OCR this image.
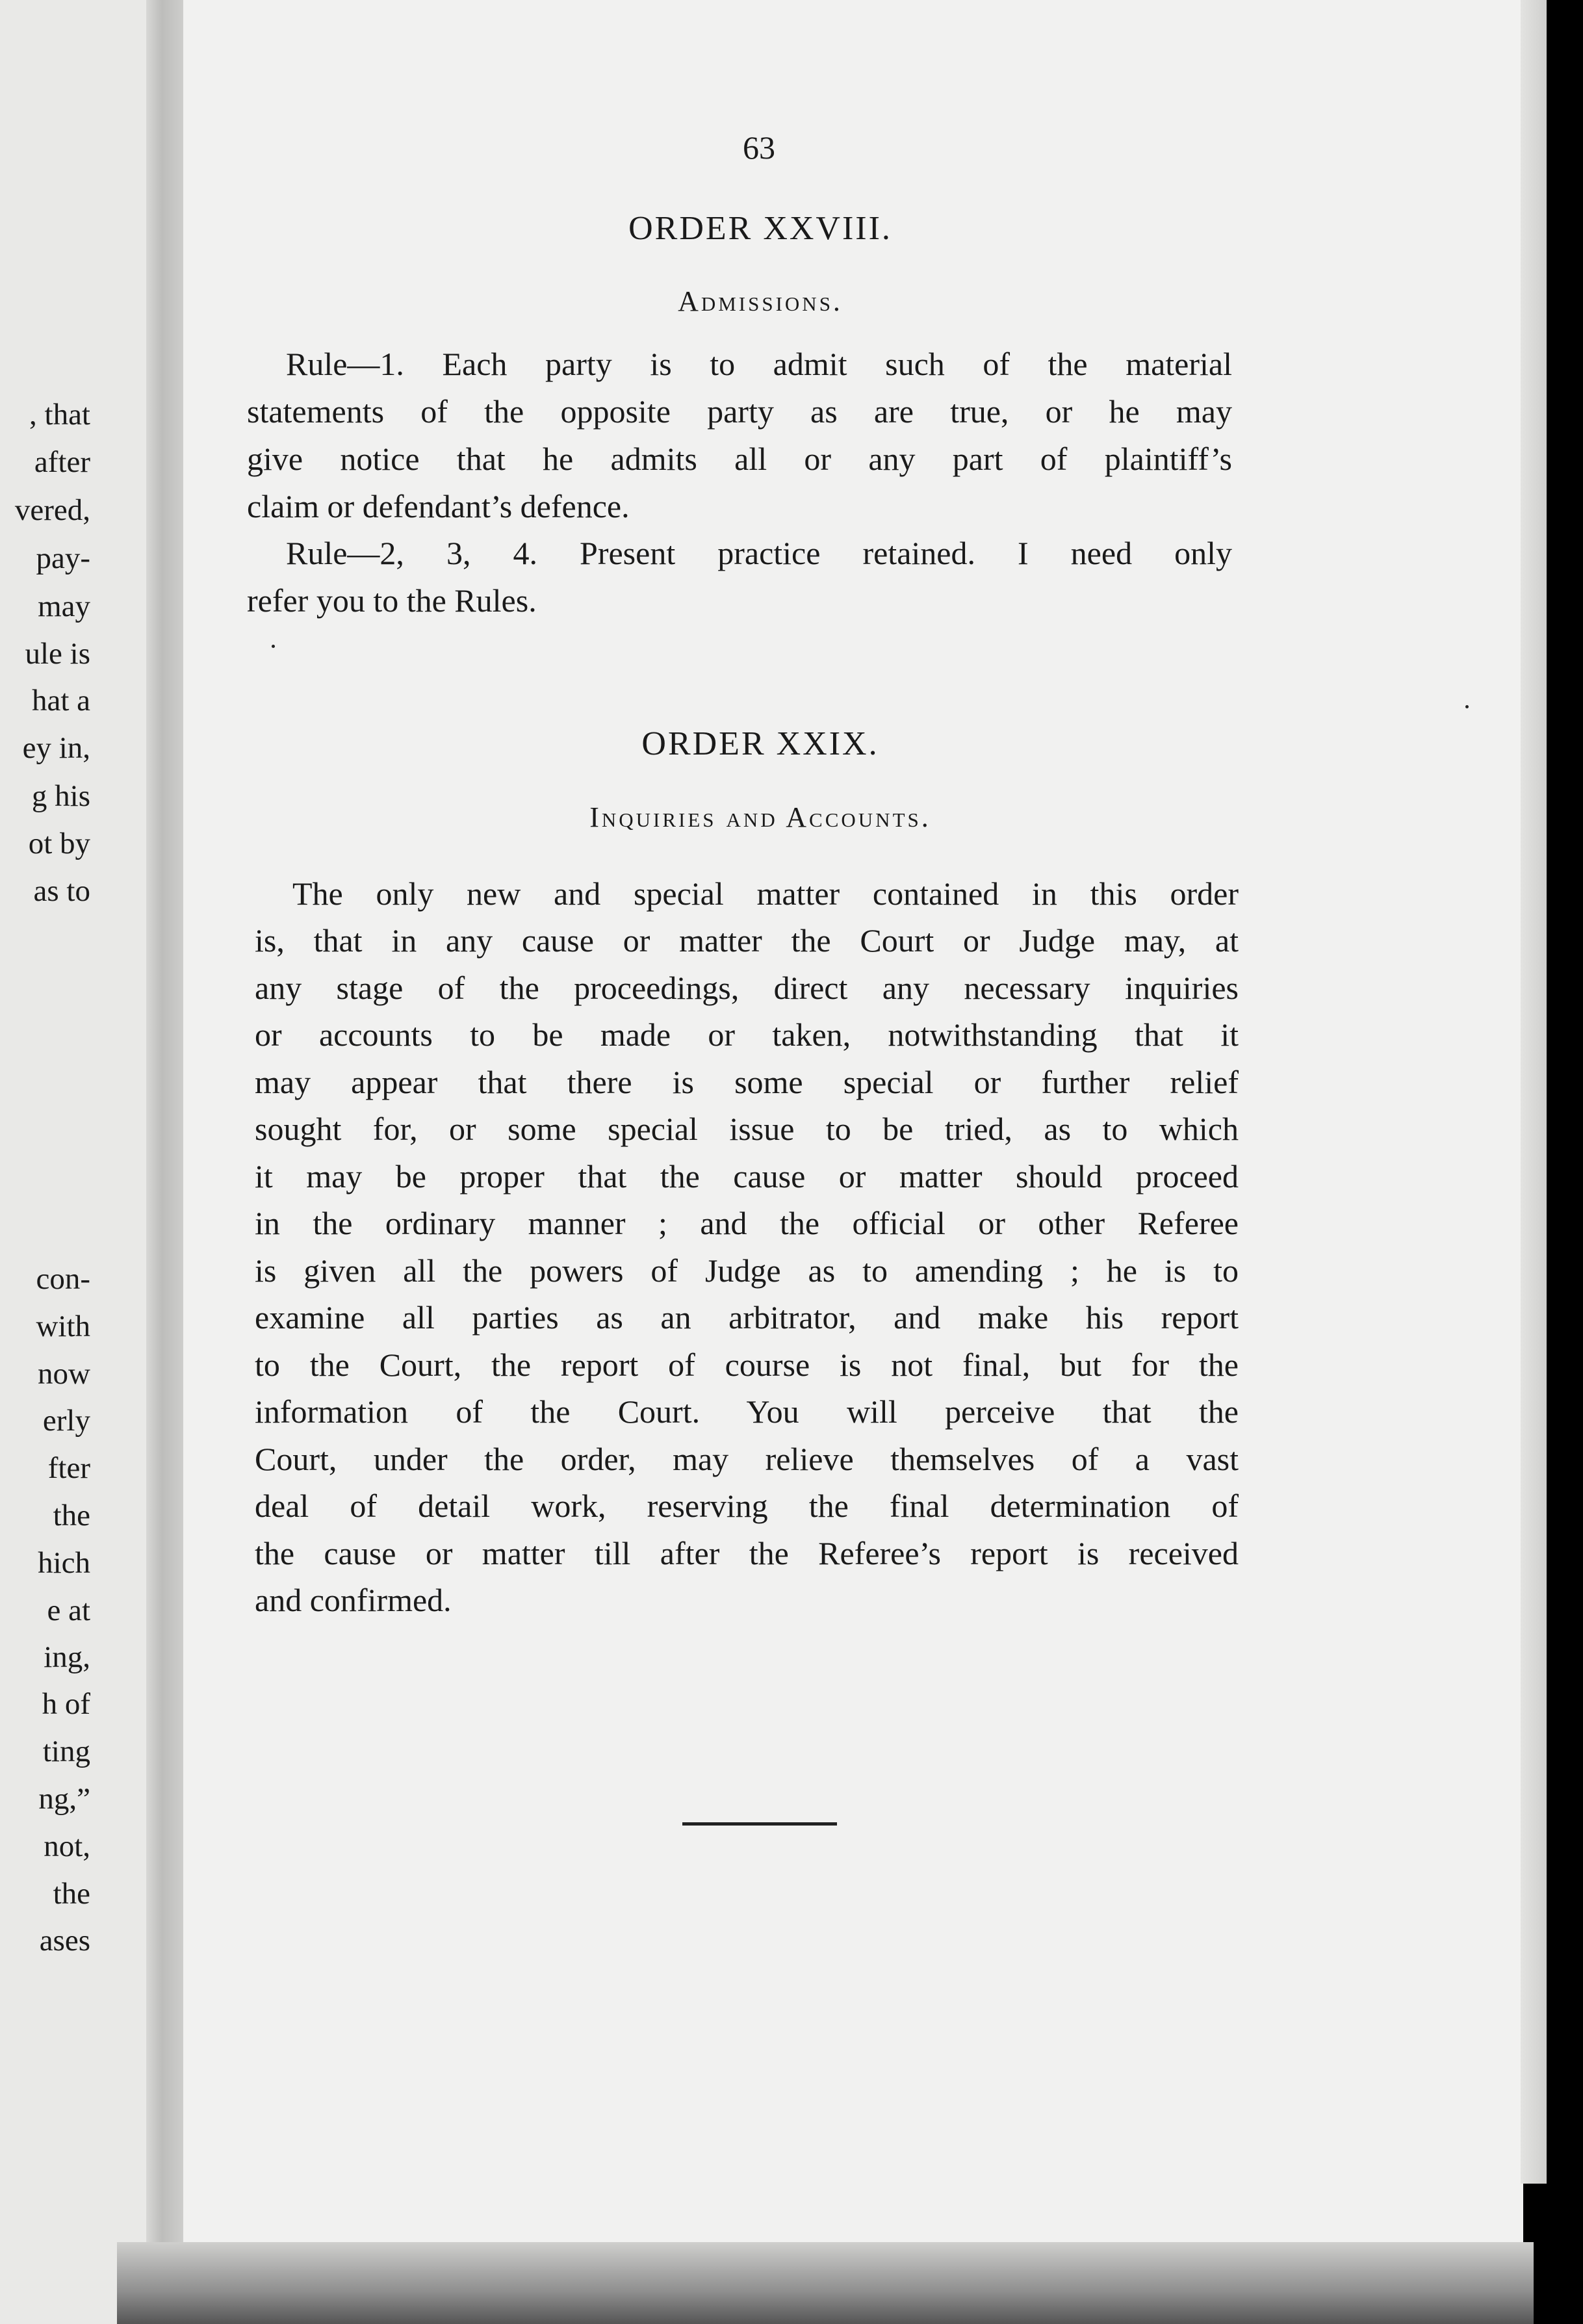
, that
after
vered,
pay-
may
ule is
hat a
ey in,
g his
ot by
as to
con-
with
now
erly
fter
the
hich
e at
ing,
h of
ting
ng,”
not,
the
ases
63
ORDER XXVIII.
Admissions.
Rule—1. Each party is to admit such of the material
statements of the opposite party as are true, or he may
give notice that he admits all or any part of plaintiff’s
claim or defendant’s defence.
Rule—2, 3, 4. Present practice retained. I need only
refer you to the Rules.
ORDER XXIX.
Inquiries and Accounts.
The only new and special matter contained in this order
is, that in any cause or matter the Court or Judge may, at
any stage of the proceedings, direct any necessary inquiries
or accounts to be made or taken, notwithstanding that it
may appear that there is some special or further relief
sought for, or some special issue to be tried, as to which
it may be proper that the cause or matter should proceed
in the ordinary manner ; and the official or other Referee
is given all the powers of Judge as to amending ; he is to
examine all parties as an arbitrator, and make his report
to the Court, the report of course is not final, but for the
information of the Court. You will perceive that the
Court, under the order, may relieve themselves of a vast
deal of detail work, reserving the final determination of
the cause or matter till after the Referee’s report is received
and confirmed.
